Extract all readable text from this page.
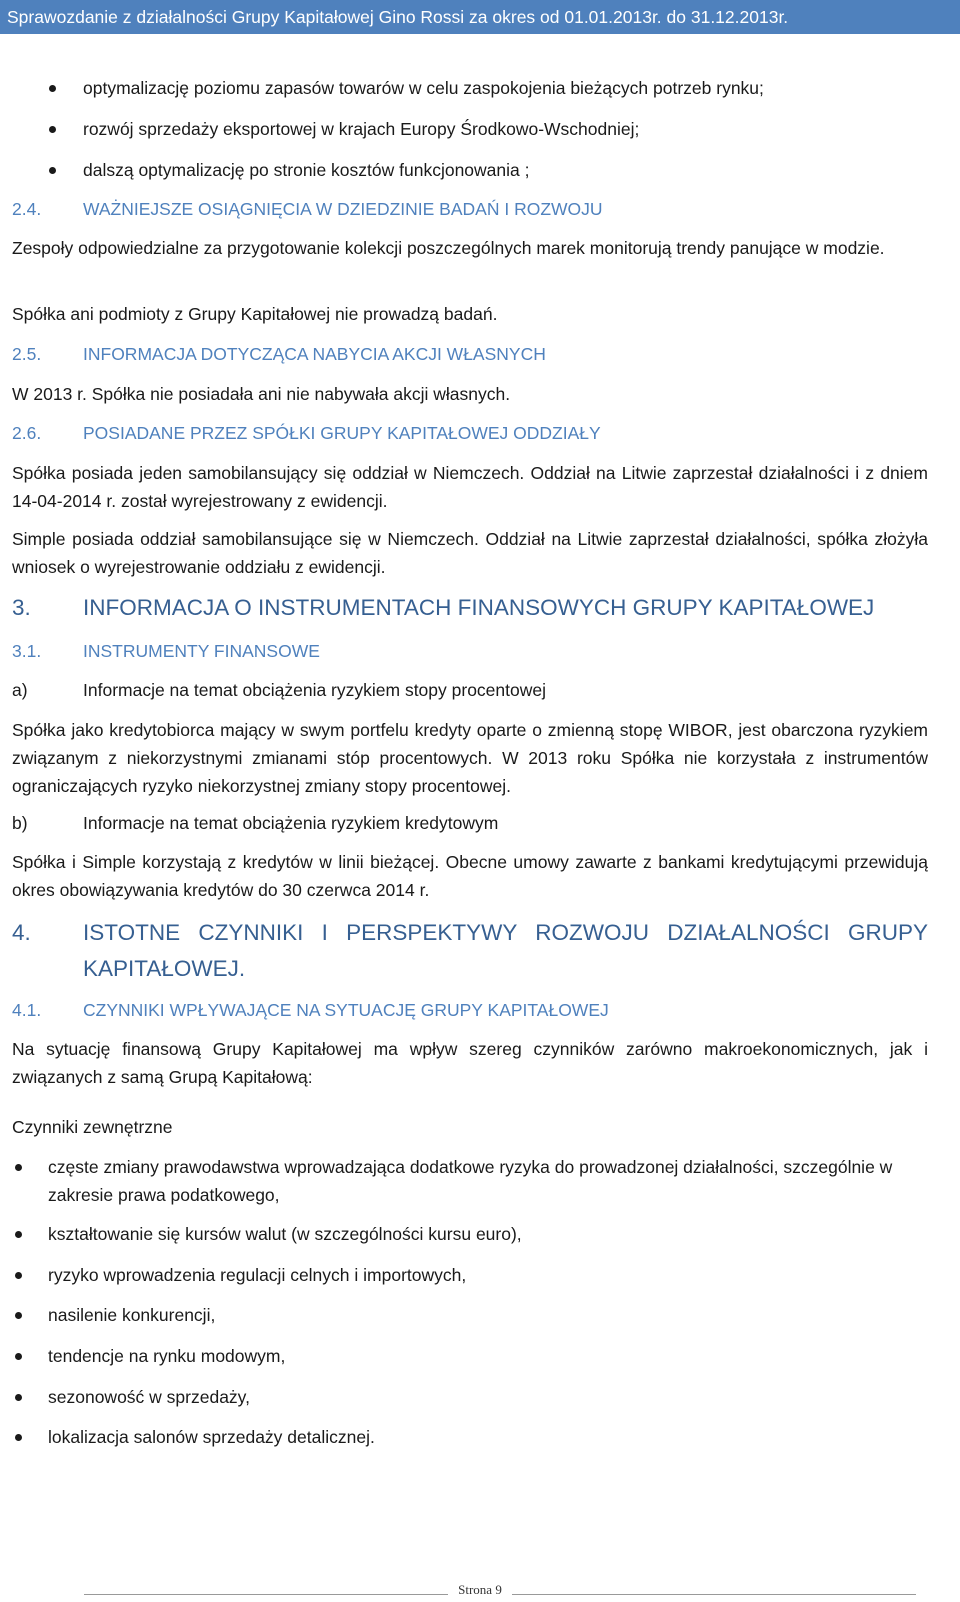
Sprawozdanie z działalności Grupy Kapitałowej Gino Rossi za okres od 01.01.2013r. do 31.12.2013r.
optymalizację poziomu zapasów towarów w celu zaspokojenia bieżących potrzeb rynku;
rozwój sprzedaży eksportowej w krajach Europy Środkowo-Wschodniej;
dalszą optymalizację po stronie kosztów funkcjonowania ;
2.4. WAŻNIEJSZE OSIĄGNIĘCIA W DZIEDZINIE BADAŃ I ROZWOJU
Zespoły odpowiedzialne za przygotowanie kolekcji poszczególnych marek monitorują trendy panujące w modzie.
Spółka ani podmioty z Grupy Kapitałowej nie prowadzą badań.
2.5. INFORMACJA DOTYCZĄCA NABYCIA AKCJI WŁASNYCH
W 2013 r. Spółka nie posiadała ani nie nabywała akcji własnych.
2.6. POSIADANE PRZEZ SPÓŁKI GRUPY KAPITAŁOWEJ ODDZIAŁY
Spółka posiada jeden samobilansujący się oddział w Niemczech. Oddział na Litwie zaprzestał działalności i z dniem 14-04-2014 r. został wyrejestrowany z ewidencji.
Simple posiada oddział samobilansujące się w Niemczech. Oddział na Litwie zaprzestał działalności, spółka złożyła wniosek o wyrejestrowanie oddziału z ewidencji.
3. INFORMACJA O INSTRUMENTACH FINANSOWYCH GRUPY KAPITAŁOWEJ
3.1. INSTRUMENTY FINANSOWE
a)	Informacje na temat obciążenia ryzykiem stopy procentowej
Spółka jako kredytobiorca mający w swym portfelu kredyty oparte o zmienną stopę WIBOR, jest obarczona ryzykiem związanym z niekorzystnymi zmianami stóp procentowych. W 2013 roku Spółka nie korzystała z instrumentów ograniczających ryzyko niekorzystnej zmiany stopy procentowej.
b)	Informacje na temat obciążenia ryzykiem kredytowym
Spółka i Simple korzystają z kredytów w linii bieżącej. Obecne umowy zawarte z bankami kredytującymi przewidują okres obowiązywania kredytów do 30 czerwca 2014 r.
4. ISTOTNE CZYNNIKI I PERSPEKTYWY ROZWOJU DZIAŁALNOŚCI GRUPY
KAPITAŁOWEJ.
4.1. CZYNNIKI WPŁYWAJĄCE NA SYTUACJĘ GRUPY KAPITAŁOWEJ
Na sytuację finansową Grupy Kapitałowej ma wpływ szereg czynników zarówno makroekonomicznych, jak i związanych z samą Grupą Kapitałową:
Czynniki zewnętrzne
częste zmiany prawodawstwa wprowadzająca dodatkowe ryzyka do prowadzonej działalności, szczególnie w zakresie prawa podatkowego,
kształtowanie się kursów walut (w szczególności kursu euro),
ryzyko wprowadzenia regulacji celnych i importowych,
nasilenie konkurencji,
tendencje na rynku modowym,
sezonowość w sprzedaży,
lokalizacja salonów sprzedaży detalicznej.
Strona 9
